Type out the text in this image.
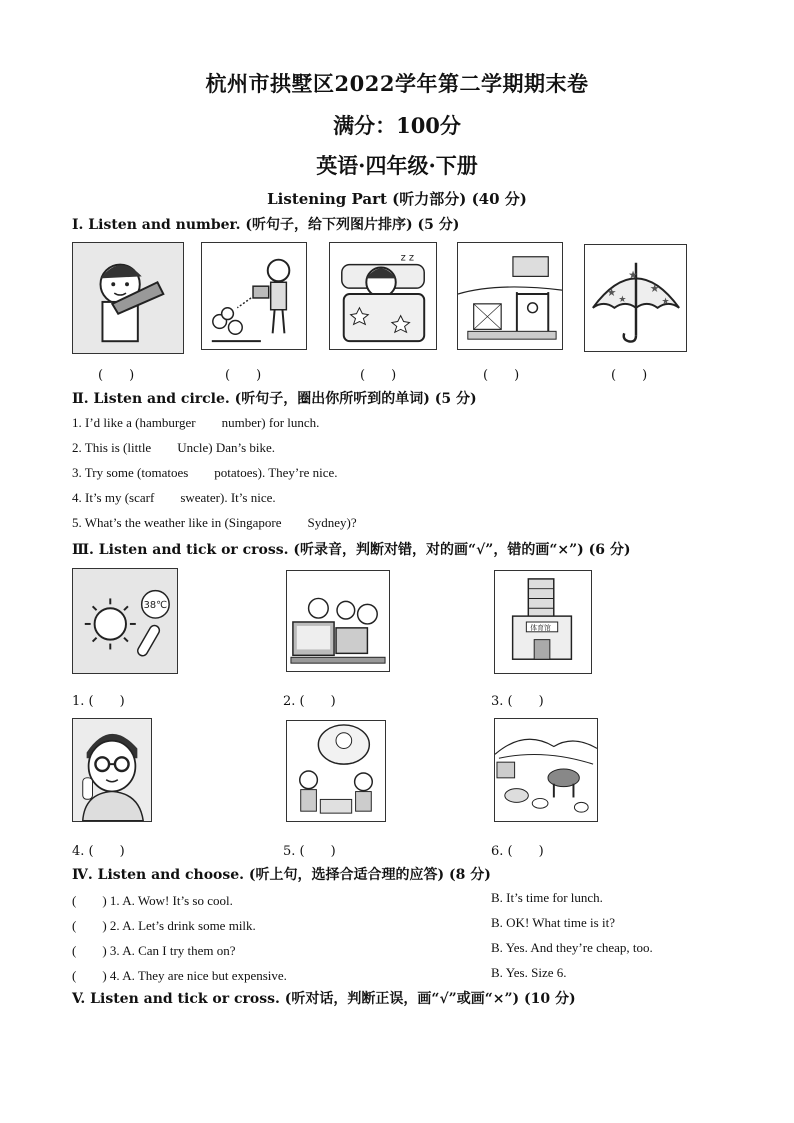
杭州市拱墅区2022学年第二学期期末卷
满分：100分
英语·四年级·下册
Listening Part (听力部分) (40 分)
Ⅰ. Listen and number. (听句子，给下列图片排序) (5 分)
z z
★
★
★
★	★
(　　)	(　　)	(　　)	(　　)	(　　)
Ⅱ. Listen and circle. (听句子，圈出你所听到的单词) (5 分)
1. I’d like a (hamburger number) for lunch.
2. This is (little Uncle) Dan’s bike.
3. Try some (tomatoes potatoes). They’re nice.
4. It’s my (scarf sweater). It’s nice.
5. What’s the weather like in (Singapore Sydney)?
Ⅲ. Listen and tick or cross. (听录音，判断对错，对的画“√”，错的画“×”) (6 分)
38℃
体育馆
1. (　　)	2. (　　)	3. (　　)
4. (　　)	5. (　　)	6. (　　)
Ⅳ. Listen and choose. (听上句，选择合适合理的应答) (8 分)
(　　) 1. A. Wow! It’s so cool.	B. It’s time for lunch.
(　　) 2. A. Let’s drink some milk.	B. OK! What time is it?
(　　) 3. A. Can I try them on?	B. Yes. And they’re cheap, too.
(　　) 4. A. They are nice but expensive.	B. Yes. Size 6.
V. Listen and tick or cross. (听对话，判断正误，画“√”或画“×”) (10 分)
